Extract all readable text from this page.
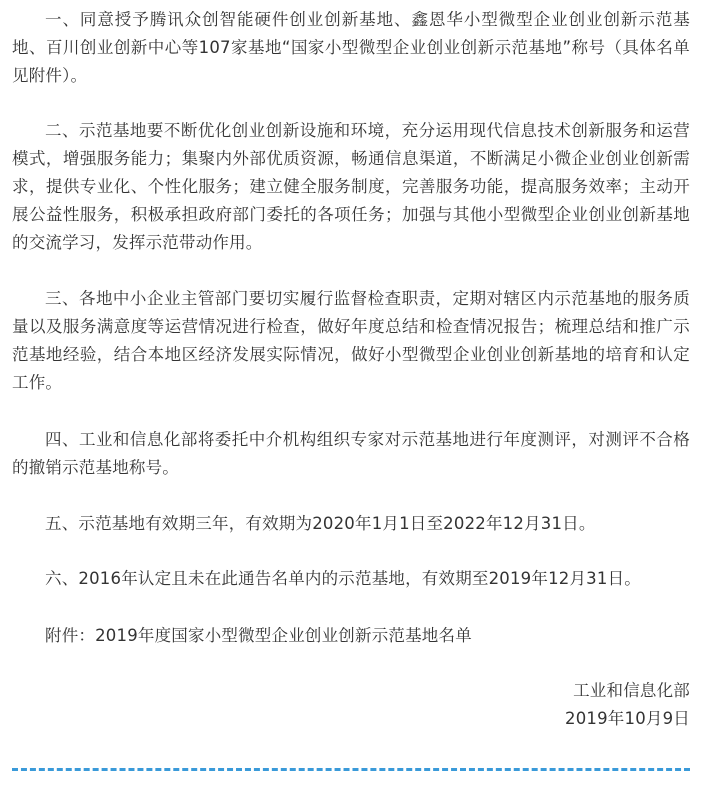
一、同意授予腾讯众创智能硬件创业创新基地、鑫恩华小型微型企业创业创新示范基地、百川创业创新中心等107家基地“国家小型微型企业创业创新示范基地”称号（具体名单见附件）。

二、示范基地要不断优化创业创新设施和环境，充分运用现代信息技术创新服务和运营模式，增强服务能力；集聚内外部优质资源，畅通信息渠道，不断满足小微企业创业创新需求，提供专业化、个性化服务；建立健全服务制度，完善服务功能，提高服务效率；主动开展公益性服务，积极承担政府部门委托的各项任务；加强与其他小型微型企业创业创新基地的交流学习，发挥示范带动作用。

三、各地中小企业主管部门要切实履行监督检查职责，定期对辖区内示范基地的服务质量以及服务满意度等运营情况进行检查，做好年度总结和检查情况报告；梳理总结和推广示范基地经验，结合本地区经济发展实际情况，做好小型微型企业创业创新基地的培育和认定工作。

四、工业和信息化部将委托中介机构组织专家对示范基地进行年度测评，对测评不合格的撤销示范基地称号。

五、示范基地有效期三年，有效期为2020年1月1日至2022年12月31日。

六、2016年认定且未在此通告名单内的示范基地，有效期至2019年12月31日。

附件：2019年度国家小型微型企业创业创新示范基地名单

工业和信息化部
2019年10月9日
